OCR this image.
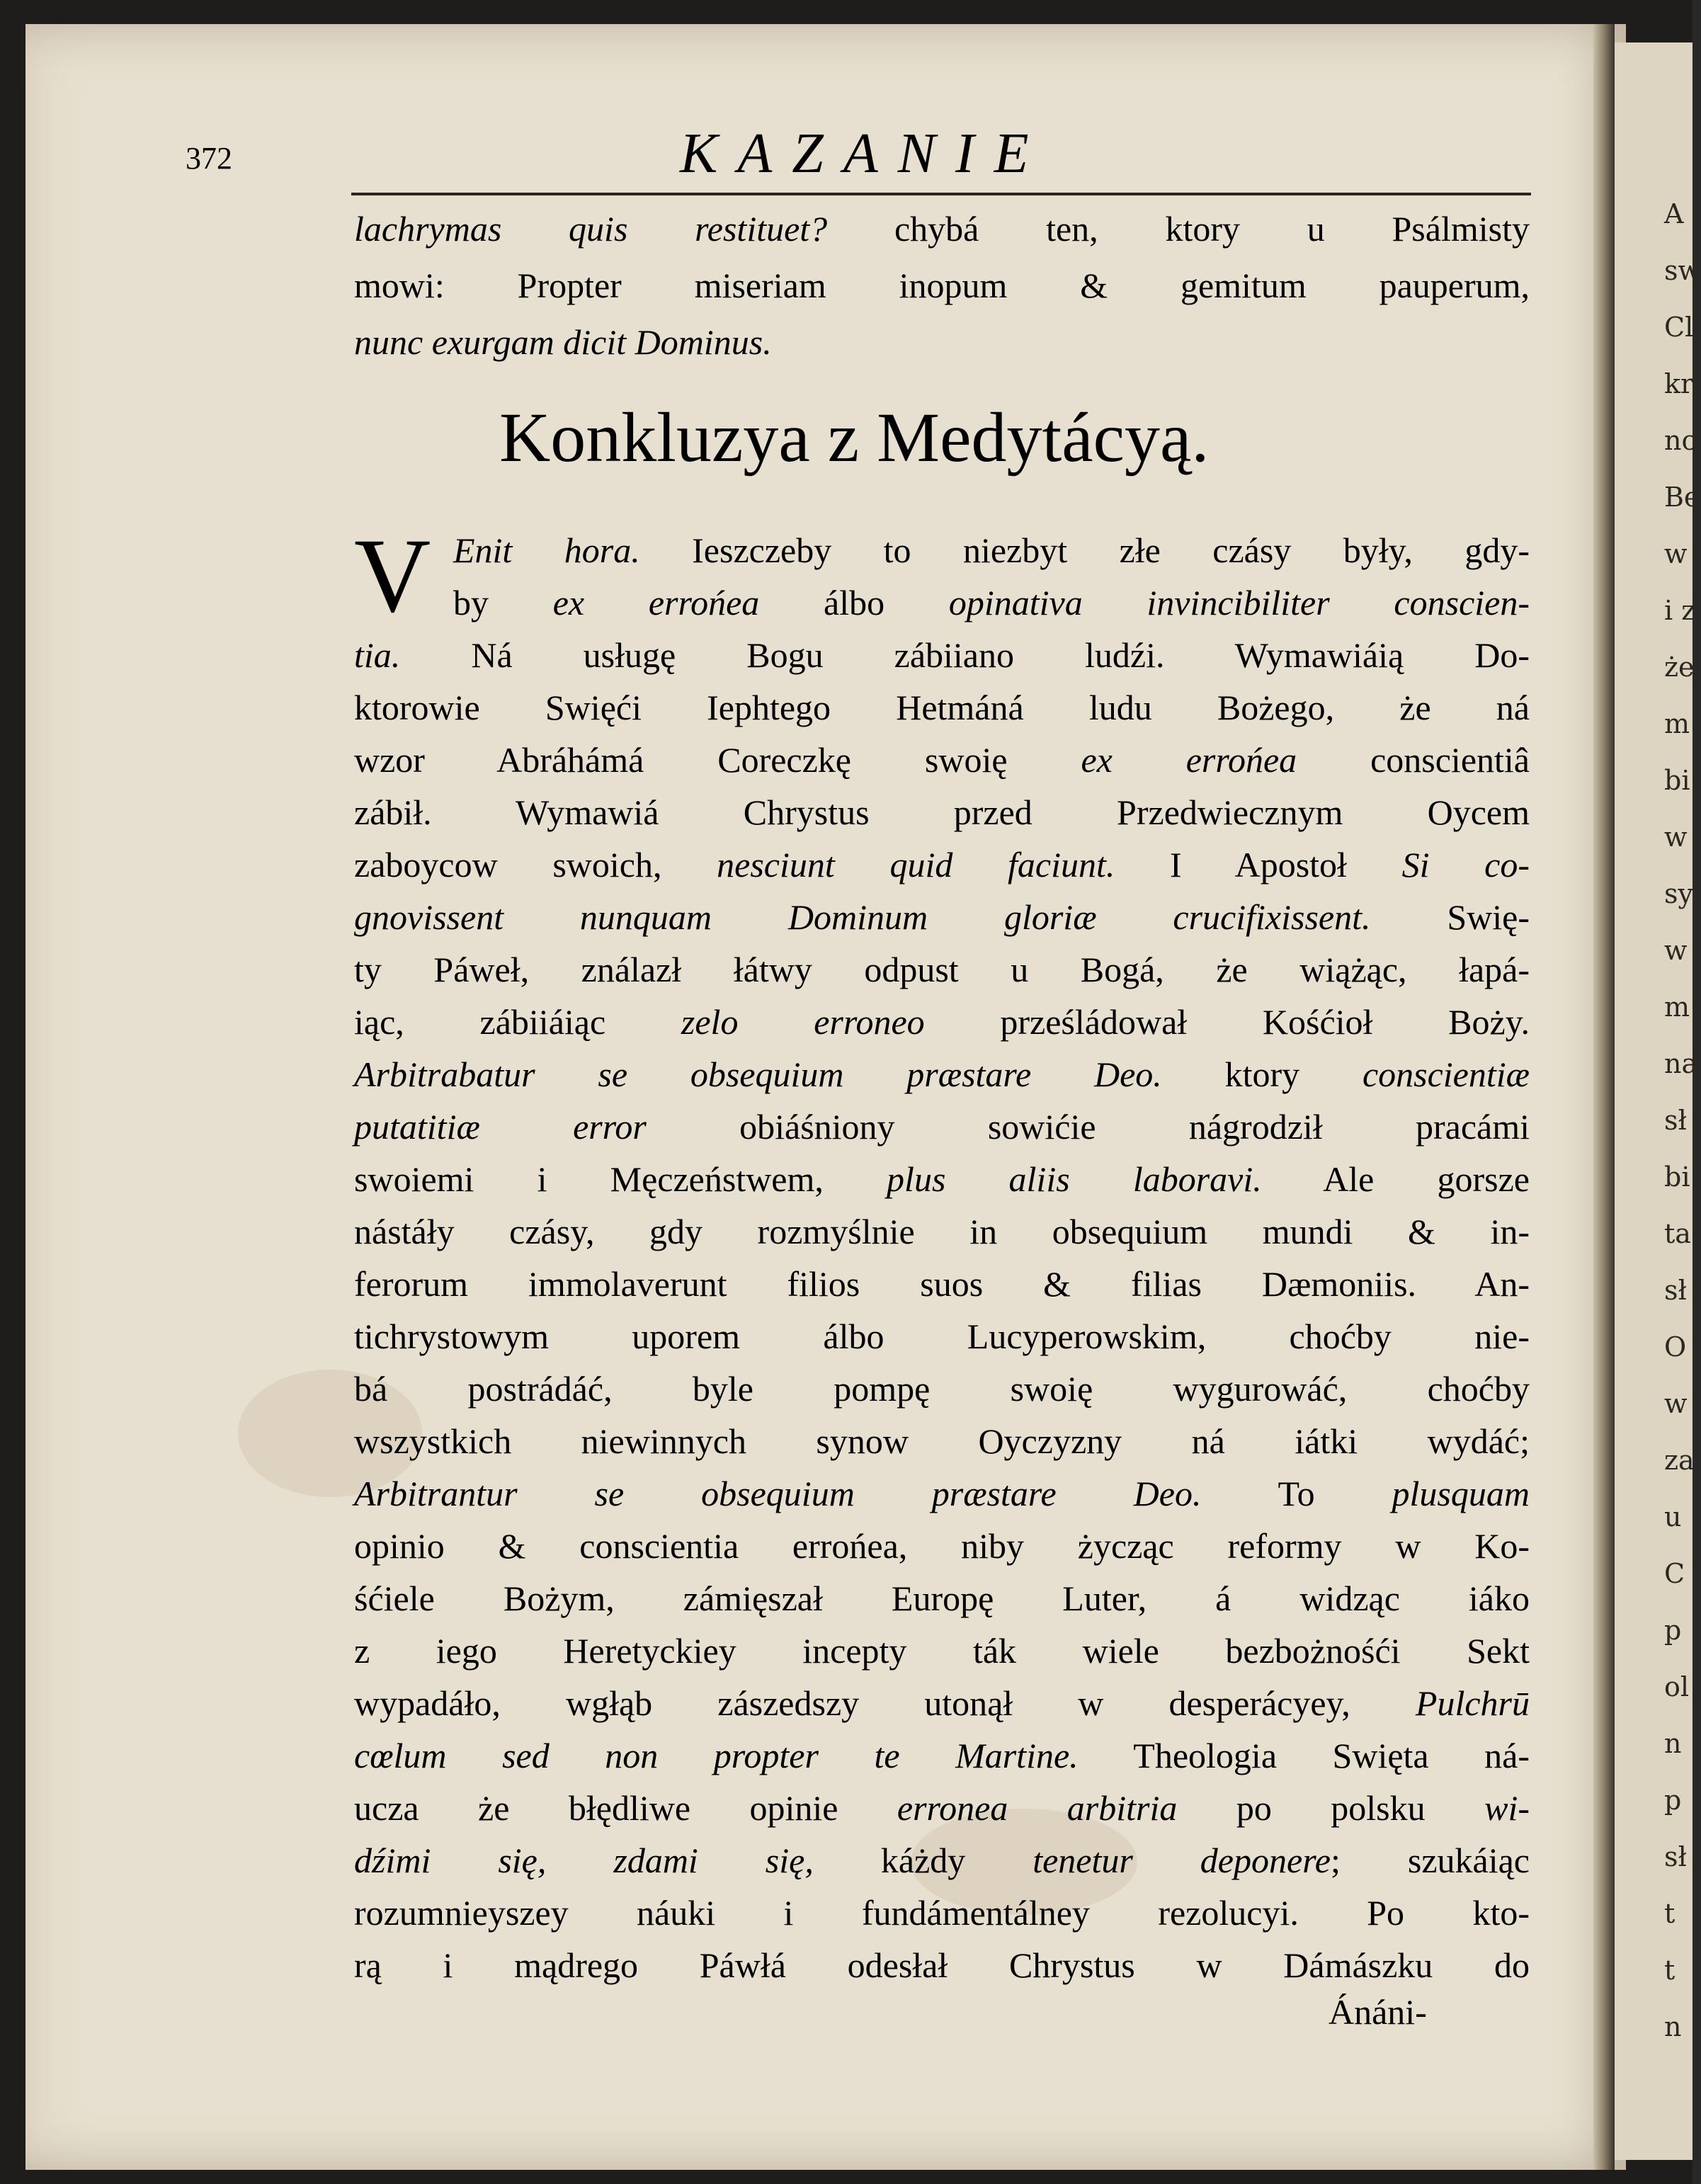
A
sw
Cl
kr
nc
Be
w
i z
że
m
bi
w
sy
w
m
na
sł
bi
ta
sł
O
w
za
u
C
p
ol
n
p
sł
t
t
n
372	KAZANIE
lachrymas quis restituet? chybá ten, ktory u Psálmisty
mowi: Propter miseriam inopum & gemitum pauperum,
nunc exurgam dicit Dominus.
Konkluzya z Medytácyą.
V Enit hora. Ieszczeby to niezbyt złe czásy były, gdy-
by ex errońea álbo opinativa invincibiliter conscien-
tia. Ná usługę Bogu zábiiano ludźi. Wymawiáią Do-
ktorowie Swięći Iephtego Hetmáná ludu Bożego, że ná
wzor Abráhámá Coreczkę swoię ex errońea conscientiâ
zábił. Wymawiá Chrystus przed Przedwiecznym Oycem
zaboycow swoich, nesciunt quid faciunt. I Apostoł Si co-
gnovissent nunquam Dominum gloriæ crucifixissent. Swię-
ty Páweł, ználazł łátwy odpust u Bogá, że wiążąc, łapá-
iąc, zábiiáiąc zelo erroneo prześládował Kośćioł Boży.
Arbitrabatur se obsequium præstare Deo. ktory conscientiæ
putatitiæ error obiáśniony sowićie nágrodził pracámi
swoiemi i Męczeństwem, plus aliis laboravi. Ale gorsze
nástáły czásy, gdy rozmyślnie in obsequium mundi & in-
ferorum immolaverunt filios suos & filias Dæmoniis. An-
tichrystowym uporem álbo Lucyperowskim, choćby nie-
bá postrádáć, byle pompę swoię wygurowáć, choćby
wszystkich niewinnych synow Oyczyzny ná iátki wydáć;
Arbitrantur se obsequium præstare Deo. To plusquam
opinio & conscientia errońea, niby życząc reformy w Ko-
śćiele Bożym, zámięszał Europę Luter, á widząc iáko
z iego Heretyckiey incepty ták wiele bezbożnośći Sekt
wypadáło, wgłąb zászedszy utonął w desperácyey, Pulchrū
cœlum sed non propter te Martine. Theologia Swięta ná-
ucza że błędliwe opinie erronea arbitria po polsku wi-
dźimi się, zdami się, káżdy tenetur deponere; szukáiąc
rozumnieyszey náuki i fundámentálney rezolucyi. Po kto-
rą i mądrego Páwłá odesłał Chrystus w Dámászku do
Ánáni-
